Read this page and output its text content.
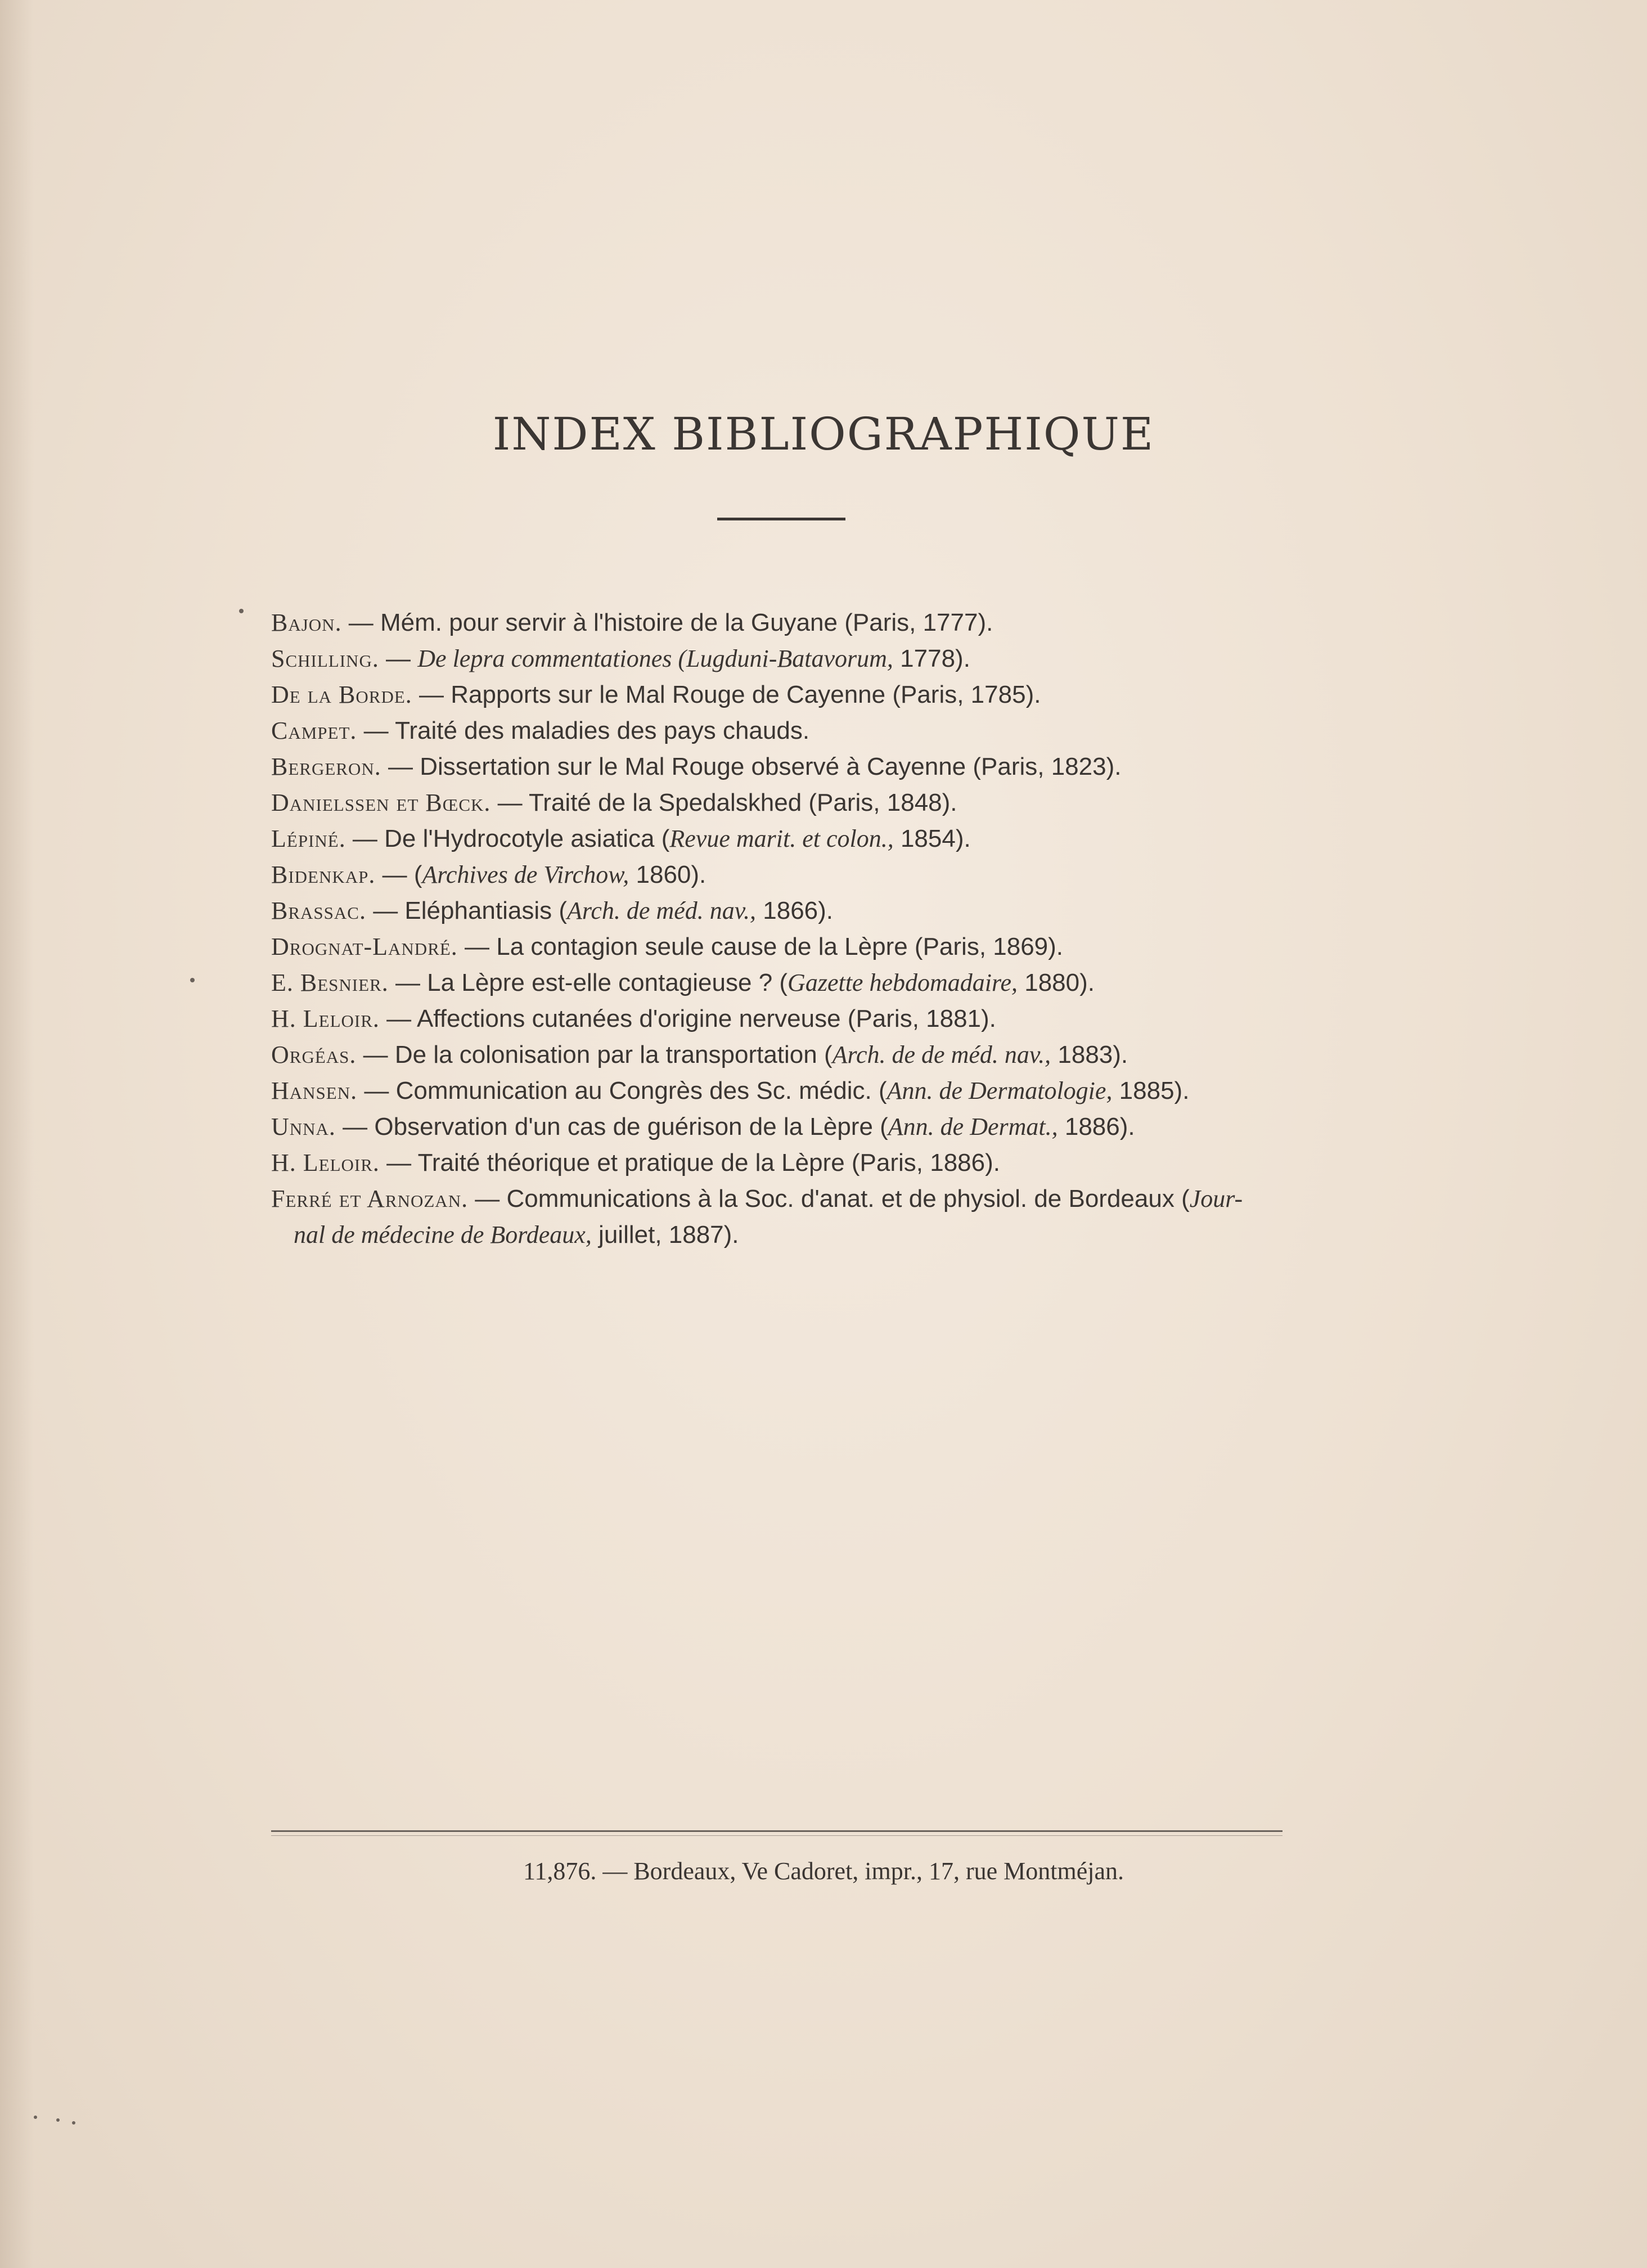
INDEX BIBLIOGRAPHIQUE
Bajon. — Mém. pour servir à l'histoire de la Guyane (Paris, 1777).
Schilling. — De lepra commentationes (Lugduni-Batavorum, 1778).
De la Borde. — Rapports sur le Mal Rouge de Cayenne (Paris, 1785).
Campet. — Traité des maladies des pays chauds.
Bergeron. — Dissertation sur le Mal Rouge observé à Cayenne (Paris, 1823).
Danielssen et Bœck. — Traité de la Spedalskhed (Paris, 1848).
Lépiné. — De l'Hydrocotyle asiatica (Revue marit. et colon., 1854).
Bidenkap. — (Archives de Virchow, 1860).
Brassac. — Eléphantiasis (Arch. de méd. nav., 1866).
Drognat-Landré. — La contagion seule cause de la Lèpre (Paris, 1869).
E. Besnier. — La Lèpre est-elle contagieuse ? (Gazette hebdomadaire, 1880).
H. Leloir. — Affections cutanées d'origine nerveuse (Paris, 1881).
Orgéas. — De la colonisation par la transportation (Arch. de de méd. nav., 1883).
Hansen. — Communication au Congrès des Sc. médic. (Ann. de Dermatologie, 1885).
Unna. — Observation d'un cas de guérison de la Lèpre (Ann. de Dermat., 1886).
H. Leloir. — Traité théorique et pratique de la Lèpre (Paris, 1886).
Ferré et Arnozan. — Communications à la Soc. d'anat. et de physiol. de Bordeaux (Jour-
nal de médecine de Bordeaux, juillet, 1887).
11,876. — Bordeaux, Ve Cadoret, impr., 17, rue Montméjan.
